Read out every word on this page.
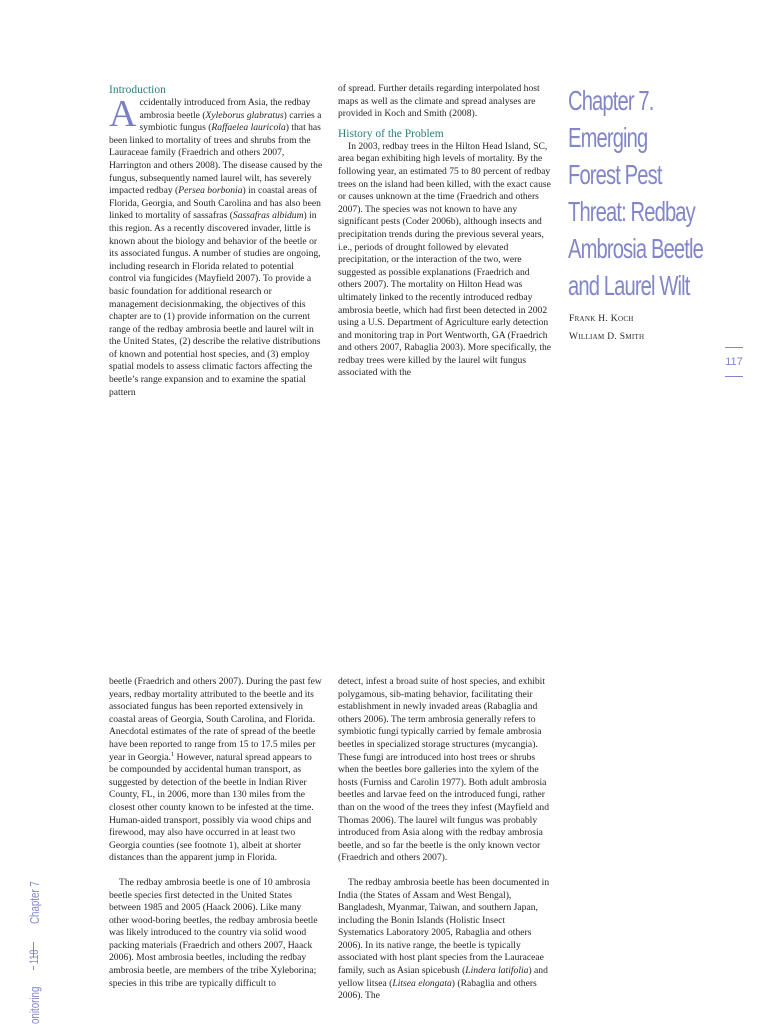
Introduction

Accidentally introduced from Asia, the redbay ambrosia beetle (Xyleborus glabratus) carries a symbiotic fungus (Raffaelea lauricola) that has been linked to mortality of trees and shrubs from the Lauraceae family (Fraedrich and others 2007, Harrington and others 2008). The disease caused by the fungus, subsequently named laurel wilt, has severely impacted redbay (Persea borbonia) in coastal areas of Florida, Georgia, and South Carolina and has also been linked to mortality of sassafras (Sassafras albidum) in this region. As a recently discovered invader, little is known about the biology and behavior of the beetle or its associated fungus. A number of studies are ongoing, including research in Florida related to potential control via fungicides (Mayfield 2007). To provide a basic foundation for additional research or management decisionmaking, the objectives of this chapter are to (1) provide information on the current range of the redbay ambrosia beetle and laurel wilt in the United States, (2) describe the relative distributions of known and potential host species, and (3) employ spatial models to assess climatic factors affecting the beetle’s range expansion and to examine the spatial pattern

of spread. Further details regarding interpolated host maps as well as the climate and spread analyses are provided in Koch and Smith (2008).

History of the Problem

In 2003, redbay trees in the Hilton Head Island, SC, area began exhibiting high levels of mortality. By the following year, an estimated 75 to 80 percent of redbay trees on the island had been killed, with the exact cause or causes unknown at the time (Fraedrich and others 2007). The species was not known to have any significant pests (Coder 2006b), although insects and precipitation trends during the previous several years, i.e., periods of drought followed by elevated precipitation, or the interaction of the two, were suggested as possible explanations (Fraedrich and others 2007). The mortality on Hilton Head was ultimately linked to the recently introduced redbay ambrosia beetle, which had first been detected in 2002 using a U.S. Department of Agriculture early detection and monitoring trap in Port Wentworth, GA (Fraedrich and others 2007, Rabaglia 2003). More specifically, the redbay trees were killed by the laurel wilt fungus associated with the

Chapter 7.
Emerging
Forest Pest
Threat: Redbay
Ambrosia Beetle
and Laurel Wilt
Frank H. Koch
William D. Smith
117

beetle (Fraedrich and others 2007). During the past few years, redbay mortality attributed to the beetle and its associated fungus has been reported extensively in coastal areas of Georgia, South Carolina, and Florida. Anecdotal estimates of the rate of spread of the beetle have been reported to range from 15 to 17.5 miles per year in Georgia.$^1$ However, natural spread appears to be compounded by accidental human transport, as suggested by detection of the beetle in Indian River County, FL, in 2006, more than 130 miles from the closest other county known to be infested at the time. Human-aided transport, possibly via wood chips and firewood, may also have occurred in at least two Georgia counties (see footnote 1), albeit at shorter distances than the apparent jump in Florida.

The redbay ambrosia beetle is one of 10 ambrosia beetle species first detected in the United States between 1985 and 2005 (Haack 2006). Like many other wood-boring beetles, the redbay ambrosia beetle was likely introduced to the country via solid wood packing materials (Fraedrich and others 2007, Haack 2006). Most ambrosia beetles, including the redbay ambrosia beetle, are members of the tribe Xyleborina; species in this tribe are typically difficult to

detect, infest a broad suite of host species, and exhibit polygamous, sib-mating behavior, facilitating their establishment in newly invaded areas (Rabaglia and others 2006). The term ambrosia generally refers to symbiotic fungi typically carried by female ambrosia beetles in specialized storage structures (mycangia). These fungi are introduced into host trees or shrubs when the beetles bore galleries into the xylem of the hosts (Furniss and Carolin 1977). Both adult ambrosia beetles and larvae feed on the introduced fungi, rather than on the wood of the trees they infest (Mayfield and Thomas 2006). The laurel wilt fungus was probably introduced from Asia along with the redbay ambrosia beetle, and so far the beetle is the only known vector (Fraedrich and others 2007).

The redbay ambrosia beetle has been documented in India (the States of Assam and West Bengal), Bangladesh, Myanmar, Taiwan, and southern Japan, including the Bonin Islands (Holistic Insect Systematics Laboratory 2005, Rabaglia and others 2006). In its native range, the beetle is typically associated with host plant species from the Lauraceae family, such as Asian spicebush (Lindera latifolia) and yellow litsea (Litsea elongata) (Rabaglia and others 2006). The

Chapter 7
118
onitoring
